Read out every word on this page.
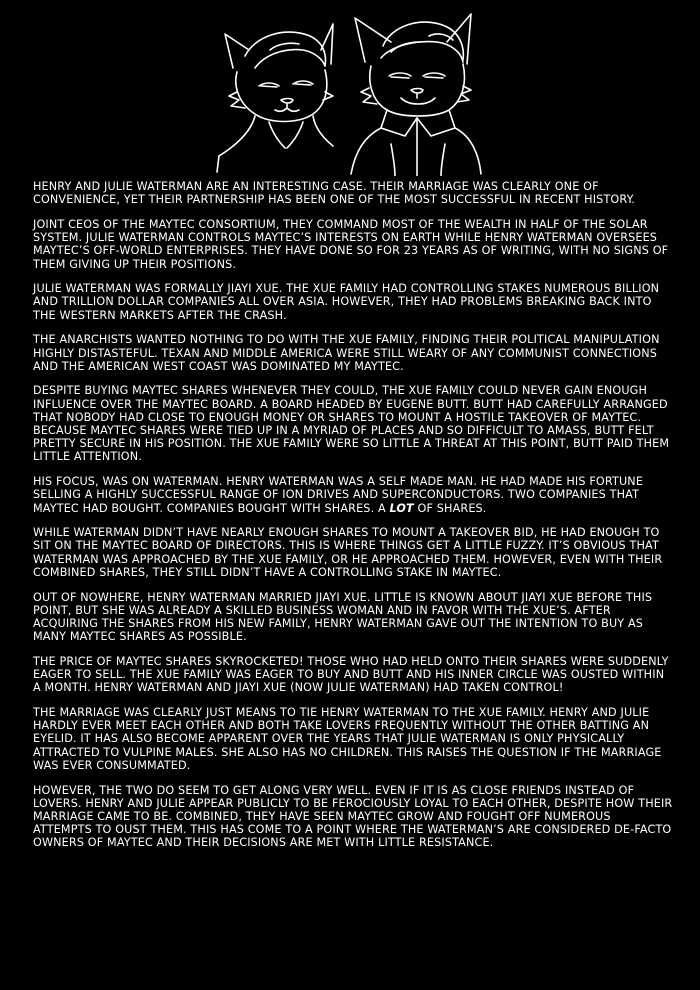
HENRY AND JULIE WATERMAN ARE AN INTERESTING CASE. THEIR MARRIAGE WAS CLEARLY ONE OF CONVENIENCE, YET THEIR PARTNERSHIP HAS BEEN ONE OF THE MOST SUCCESSFUL IN RECENT HISTORY.

JOINT CEOS OF THE MAYTEC CONSORTIUM, THEY COMMAND MOST OF THE WEALTH IN HALF OF THE SOLAR SYSTEM. JULIE WATERMAN CONTROLS MAYTEC’S INTERESTS ON EARTH WHILE HENRY WATERMAN OVERSEES MAYTEC’S OFF-WORLD ENTERPRISES. THEY HAVE DONE SO FOR 23 YEARS AS OF WRITING, WITH NO SIGNS OF THEM GIVING UP THEIR POSITIONS.

JULIE WATERMAN WAS FORMALLY JIAYI XUE. THE XUE FAMILY HAD CONTROLLING STAKES NUMEROUS BILLION AND TRILLION DOLLAR COMPANIES ALL OVER ASIA. HOWEVER, THEY HAD PROBLEMS BREAKING BACK INTO THE WESTERN MARKETS AFTER THE CRASH.

THE ANARCHISTS WANTED NOTHING TO DO WITH THE XUE FAMILY, FINDING THEIR POLITICAL MANIPULATION HIGHLY DISTASTEFUL. TEXAN AND MIDDLE AMERICA WERE STILL WEARY OF ANY COMMUNIST CONNECTIONS AND THE AMERICAN WEST COAST WAS DOMINATED MY MAYTEC.

DESPITE BUYING MAYTEC SHARES WHENEVER THEY COULD, THE XUE FAMILY COULD NEVER GAIN ENOUGH INFLUENCE OVER THE MAYTEC BOARD. A BOARD HEADED BY EUGENE BUTT. BUTT HAD CAREFULLY ARRANGED THAT NOBODY HAD CLOSE TO ENOUGH MONEY OR SHARES TO MOUNT A HOSTILE TAKEOVER OF MAYTEC. BECAUSE MAYTEC SHARES WERE TIED UP IN A MYRIAD OF PLACES AND SO DIFFICULT TO AMASS, BUTT FELT PRETTY SECURE IN HIS POSITION. THE XUE FAMILY WERE SO LITTLE A THREAT AT THIS POINT, BUTT PAID THEM LITTLE ATTENTION.

HIS FOCUS, WAS ON WATERMAN. HENRY WATERMAN WAS A SELF MADE MAN. HE HAD MADE HIS FORTUNE SELLING A HIGHLY SUCCESSFUL RANGE OF ION DRIVES AND SUPERCONDUCTORS. TWO COMPANIES THAT MAYTEC HAD BOUGHT. COMPANIES BOUGHT WITH SHARES. A LOT OF SHARES.

WHILE WATERMAN DIDN’T HAVE NEARLY ENOUGH SHARES TO MOUNT A TAKEOVER BID, HE HAD ENOUGH TO SIT ON THE MAYTEC BOARD OF DIRECTORS. THIS IS WHERE THINGS GET A LITTLE FUZZY. IT’S OBVIOUS THAT WATERMAN WAS APPROACHED BY THE XUE FAMILY, OR HE APPROACHED THEM. HOWEVER, EVEN WITH THEIR COMBINED SHARES, THEY STILL DIDN’T HAVE A CONTROLLING STAKE IN MAYTEC.

OUT OF NOWHERE, HENRY WATERMAN MARRIED JIAYI XUE. LITTLE IS KNOWN ABOUT JIAYI XUE BEFORE THIS POINT, BUT SHE WAS ALREADY A SKILLED BUSINESS WOMAN AND IN FAVOR WITH THE XUE’S. AFTER ACQUIRING THE SHARES FROM HIS NEW FAMILY, HENRY WATERMAN GAVE OUT THE INTENTION TO BUY AS MANY MAYTEC SHARES AS POSSIBLE.

THE PRICE OF MAYTEC SHARES SKYROCKETED! THOSE WHO HAD HELD ONTO THEIR SHARES WERE SUDDENLY EAGER TO SELL. THE XUE FAMILY WAS EAGER TO BUY AND BUTT AND HIS INNER CIRCLE WAS OUSTED WITHIN A MONTH. HENRY WATERMAN AND JIAYI XUE (NOW JULIE WATERMAN) HAD TAKEN CONTROL!

THE MARRIAGE WAS CLEARLY JUST MEANS TO TIE HENRY WATERMAN TO THE XUE FAMILY. HENRY AND JULIE HARDLY EVER MEET EACH OTHER AND BOTH TAKE LOVERS FREQUENTLY WITHOUT THE OTHER BATTING AN EYELID. IT HAS ALSO BECOME APPARENT OVER THE YEARS THAT JULIE WATERMAN IS ONLY PHYSICALLY ATTRACTED TO VULPINE MALES. SHE ALSO HAS NO CHILDREN. THIS RAISES THE QUESTION IF THE MARRIAGE WAS EVER CONSUMMATED.

HOWEVER, THE TWO DO SEEM TO GET ALONG VERY WELL. EVEN IF IT IS AS CLOSE FRIENDS INSTEAD OF LOVERS. HENRY AND JULIE APPEAR PUBLICLY TO BE FEROCIOUSLY LOYAL TO EACH OTHER, DESPITE HOW THEIR MARRIAGE CAME TO BE. COMBINED, THEY HAVE SEEN MAYTEC GROW AND FOUGHT OFF NUMEROUS ATTEMPTS TO OUST THEM. THIS HAS COME TO A POINT WHERE THE WATERMAN’S ARE CONSIDERED DE-FACTO OWNERS OF MAYTEC AND THEIR DECISIONS ARE MET WITH LITTLE RESISTANCE.
